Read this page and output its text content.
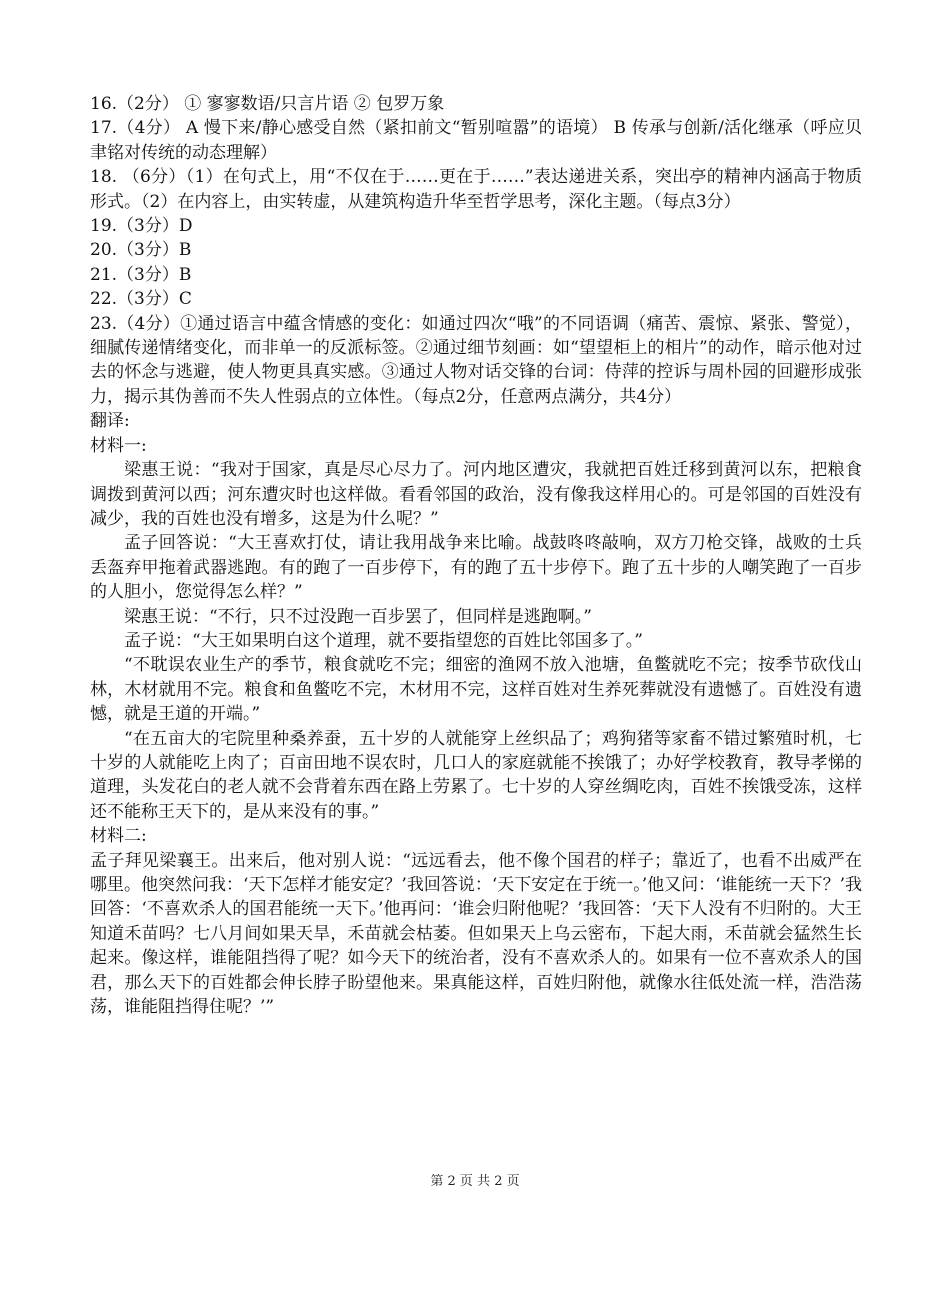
16.（2分） ① 寥寥数语/只言片语 ② 包罗万象

17.（4分） A 慢下来/静心感受自然（紧扣前文“暂别喧嚣”的语境） B 传承与创新/活化继承（呼应贝聿铭对传统的动态理解）

18. （6分）（1）在句式上，用“不仅在于……更在于……”表达递进关系，突出亭的精神内涵高于物质形式。（2）在内容上，由实转虚，从建筑构造升华至哲学思考，深化主题。（每点3分）

19.（3分）D

20.（3分）B

21.（3分）B

22.（3分）C

23.（4分）①通过语言中蕴含情感的变化：如通过四次“哦”的不同语调（痛苦、震惊、紧张、警觉），细腻传递情绪变化，而非单一的反派标签。②通过细节刻画：如“望望柜上的相片”的动作，暗示他对过去的怀念与逃避，使人物更具真实感。③通过人物对话交锋的台词：侍萍的控诉与周朴园的回避形成张力，揭示其伪善而不失人性弱点的立体性。（每点2分，任意两点满分，共4分）

翻译:

材料一:

梁惠王说：“我对于国家，真是尽心尽力了。河内地区遭灾，我就把百姓迁移到黄河以东，把粮食调拨到黄河以西；河东遭灾时也这样做。看看邻国的政治，没有像我这样用心的。可是邻国的百姓没有减少，我的百姓也没有增多，这是为什么呢？”

孟子回答说：“大王喜欢打仗，请让我用战争来比喻。战鼓咚咚敲响，双方刀枪交锋，战败的士兵丢盔弃甲拖着武器逃跑。有的跑了一百步停下，有的跑了五十步停下。跑了五十步的人嘲笑跑了一百步的人胆小，您觉得怎么样？”

梁惠王说：“不行，只不过没跑一百步罢了，但同样是逃跑啊。”

孟子说：“大王如果明白这个道理，就不要指望您的百姓比邻国多了。”

“不耽误农业生产的季节，粮食就吃不完；细密的渔网不放入池塘，鱼鳖就吃不完；按季节砍伐山林，木材就用不完。粮食和鱼鳖吃不完，木材用不完，这样百姓对生养死葬就没有遗憾了。百姓没有遗憾，就是王道的开端。”

“在五亩大的宅院里种桑养蚕，五十岁的人就能穿上丝织品了；鸡狗猪等家畜不错过繁殖时机，七十岁的人就能吃上肉了；百亩田地不误农时，几口人的家庭就能不挨饿了；办好学校教育，教导孝悌的道理，头发花白的老人就不会背着东西在路上劳累了。七十岁的人穿丝绸吃肉，百姓不挨饿受冻，这样还不能称王天下的，是从来没有的事。”

材料二:

孟子拜见梁襄王。出来后，他对别人说：“远远看去，他不像个国君的样子；靠近了，也看不出威严在哪里。他突然问我：‘天下怎样才能安定？’我回答说：‘天下安定在于统一。’他又问：‘谁能统一天下？’我回答：‘不喜欢杀人的国君能统一天下。’他再问：‘谁会归附他呢？’我回答：‘天下人没有不归附的。大王知道禾苗吗？七八月间如果天旱，禾苗就会枯萎。但如果天上乌云密布，下起大雨，禾苗就会猛然生长起来。像这样，谁能阻挡得了呢？如今天下的统治者，没有不喜欢杀人的。如果有一位不喜欢杀人的国君，那么天下的百姓都会伸长脖子盼望他来。果真能这样，百姓归附他，就像水往低处流一样，浩浩荡荡，谁能阻挡得住呢？’”

第 2 页 共 2 页
